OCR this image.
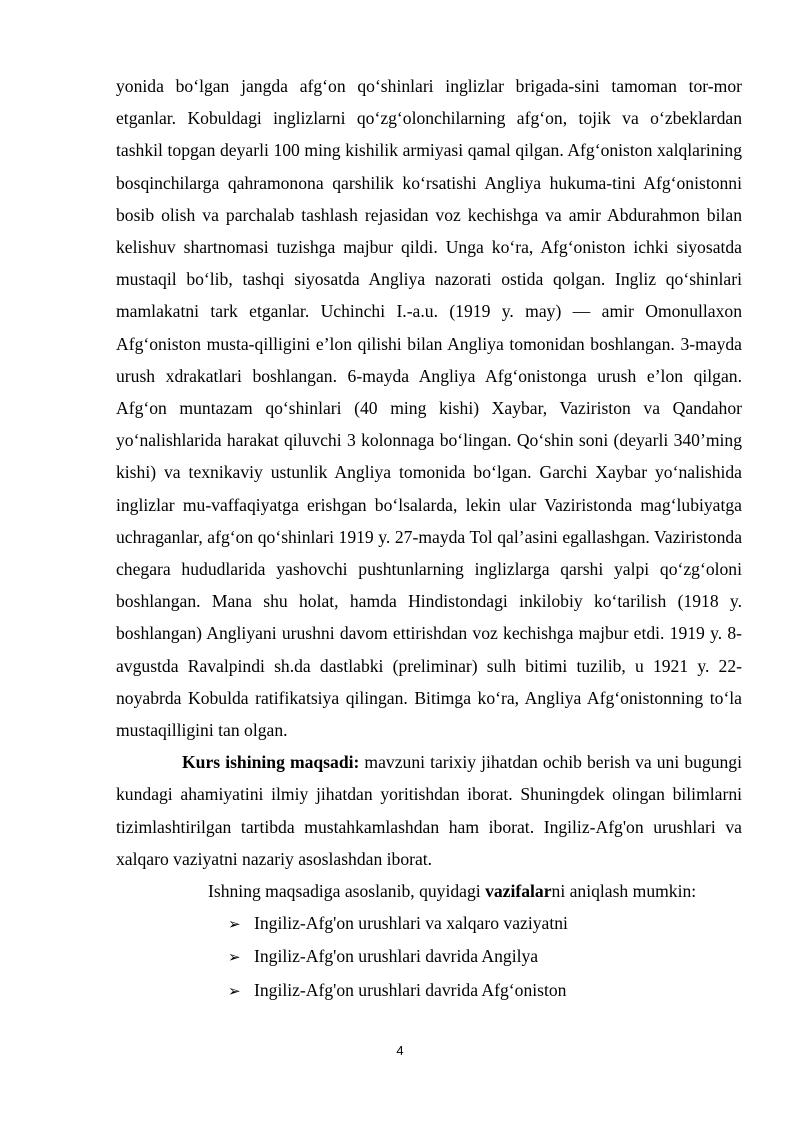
yonida bo‘lgan jangda afg‘on qo‘shinlari inglizlar brigada-sini tamoman tor-mor etganlar. Kobuldagi inglizlarni qo‘zg‘olonchilarning afg‘on, tojik va o‘zbeklardan tashkil topgan deyarli 100 ming kishilik armiyasi qamal qilgan. Afg‘oniston xalqlarining bosqinchilarga qahramonona qarshilik ko‘rsatishi Angliya hukuma-tini Afg‘onistonni bosib olish va parchalab tashlash rejasidan voz kechishga va amir Abdurahmon bilan kelishuv shartnomasi tuzishga majbur qildi. Unga ko‘ra, Afg‘oniston ichki siyosatda mustaqil bo‘lib, tashqi siyosatda Angliya nazorati ostida qolgan. Ingliz qo‘shinlari mamlakatni tark etganlar. Uchinchi I.-a.u. (1919 y. may) — amir Omonullaxon Afg‘oniston musta-qilligini e’lon qilishi bilan Angliya tomonidan boshlangan. 3-mayda urush xdrakatlari boshlangan. 6-mayda Angliya Afg‘onistonga urush e’lon qilgan. Afg‘on muntazam qo‘shinlari (40 ming kishi) Xaybar, Vaziriston va Qandahor yo‘nalishlarida harakat qiluvchi 3 kolonnaga bo‘lingan. Qo‘shin soni (deyarli 340’ming kishi) va texnikaviy ustunlik Angliya tomonida bo‘lgan. Garchi Xaybar yo‘nalishida inglizlar mu-vaffaqiyatga erishgan bo‘lsalarda, lekin ular Vaziristonda mag‘lubiyatga uchraganlar, afg‘on qo‘shinlari 1919 y. 27-mayda Tol qal’asini egallashgan. Vaziristonda chegara hududlarida yashovchi pushtunlarning inglizlarga qarshi yalpi qo‘zg‘oloni boshlangan. Mana shu holat, hamda Hindistondagi inkilobiy ko‘tarilish (1918 y. boshlangan) Angliyani urushni davom ettirishdan voz kechishga majbur etdi. 1919 y. 8-avgustda Ravalpindi sh.da dastlabki (preliminar) sulh bitimi tuzilib, u 1921 y. 22-noyabrda Kobulda ratifikatsiya qilingan. Bitimga ko‘ra, Angliya Afg‘onistonning to‘la mustaqilligini tan olgan.

Kurs ishining maqsadi: mavzuni tarixiy jihatdan ochib berish va uni bugungi kundagi ahamiyatini ilmiy jihatdan yoritishdan iborat. Shuningdek olingan bilimlarni tizimlashtirilgan tartibda mustahkamlashdan ham iborat. Ingiliz-Afg'on urushlari va xalqaro vaziyatni nazariy asoslashdan iborat.

Ishning maqsadiga asoslanib, quyidagi vazifalarni aniqlash mumkin:

➢ Ingiliz-Afg'on urushlari va xalqaro vaziyatni
➢ Ingiliz-Afg'on urushlari davrida Angilya
➢ Ingiliz-Afg'on urushlari davrida Afg‘oniston
4
